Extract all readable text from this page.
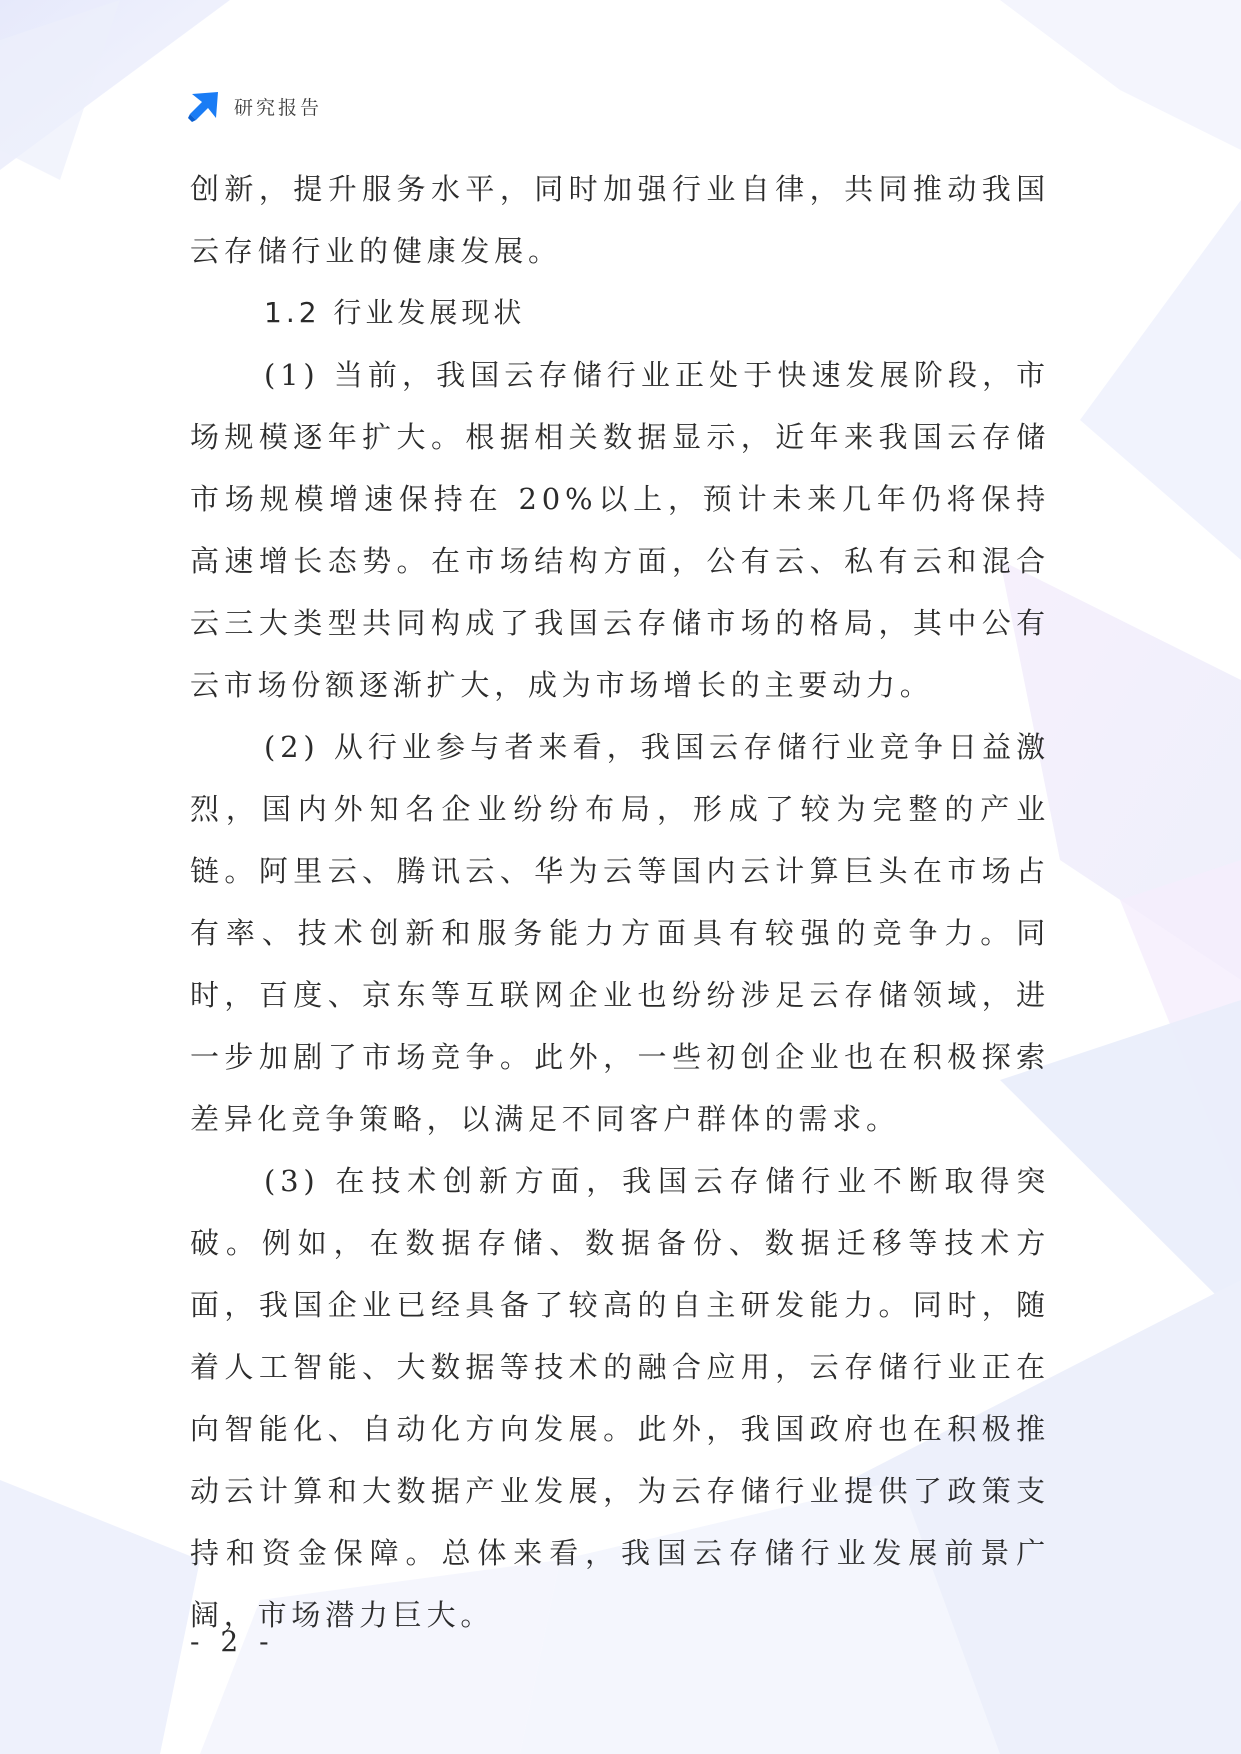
研究报告

创新，提升服务水平，同时加强行业自律，共同推动我国云存储行业的健康发展。

1.2 行业发展现状

(1) 当前，我国云存储行业正处于快速发展阶段，市场规模逐年扩大。根据相关数据显示，近年来我国云存储市场规模增速保持在 20%以上，预计未来几年仍将保持高速增长态势。在市场结构方面，公有云、私有云和混合云三大类型共同构成了我国云存储市场的格局，其中公有云市场份额逐渐扩大，成为市场增长的主要动力。

(2) 从行业参与者来看，我国云存储行业竞争日益激烈，国内外知名企业纷纷布局，形成了较为完整的产业链。阿里云、腾讯云、华为云等国内云计算巨头在市场占有率、技术创新和服务能力方面具有较强的竞争力。同时，百度、京东等互联网企业也纷纷涉足云存储领域，进一步加剧了市场竞争。此外，一些初创企业也在积极探索差异化竞争策略，以满足不同客户群体的需求。

(3) 在技术创新方面，我国云存储行业不断取得突破。例如，在数据存储、数据备份、数据迁移等技术方面，我国企业已经具备了较高的自主研发能力。同时，随着人工智能、大数据等技术的融合应用，云存储行业正在向智能化、自动化方向发展。此外，我国政府也在积极推动云计算和大数据产业发展，为云存储行业提供了政策支持和资金保障。总体来看，我国云存储行业发展前景广阔，市场潜力巨大。

- 2 -
